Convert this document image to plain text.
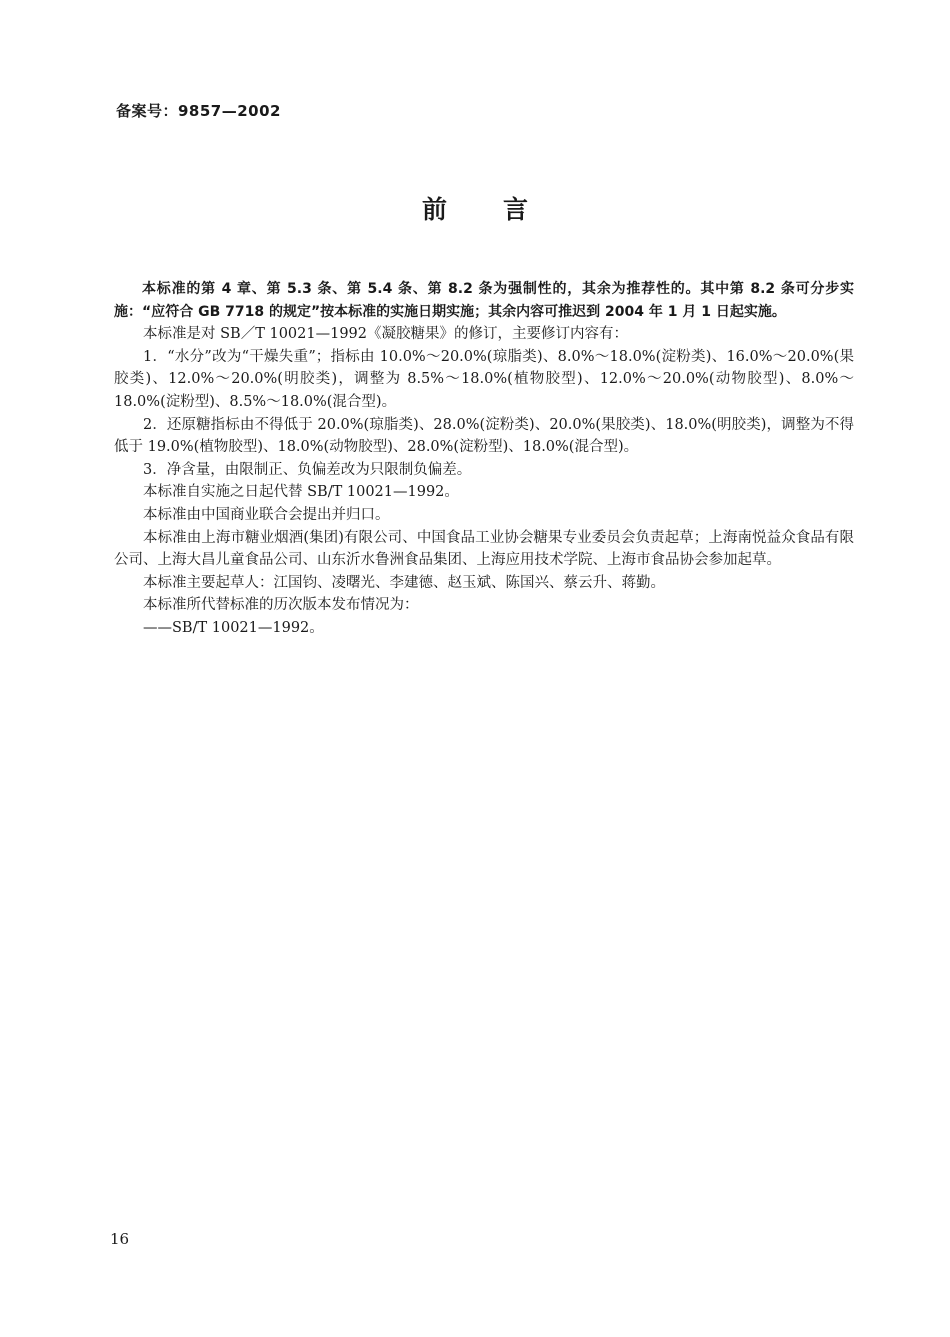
备案号：9857—2002
前言

本标准的第 4 章、第 5.3 条、第 5.4 条、第 8.2 条为强制性的，其余为推荐性的。其中第 8.2 条可分步实施：“应符合 GB 7718 的规定”按本标准的实施日期实施；其余内容可推迟到 2004 年 1 月 1 日起实施。

本标准是对 SB／T 10021—1992《凝胶糖果》的修订，主要修订内容有：

1．“水分”改为“干燥失重”；指标由 10.0%～20.0%(琼脂类)、8.0%～18.0%(淀粉类)、16.0%～20.0%(果胶类)、12.0%～20.0%(明胶类)，调整为 8.5%～18.0%(植物胶型)、12.0%～20.0%(动物胶型)、8.0%～18.0%(淀粉型)、8.5%～18.0%(混合型)。

2．还原糖指标由不得低于 20.0%(琼脂类)、28.0%(淀粉类)、20.0%(果胶类)、18.0%(明胶类)，调整为不得低于 19.0%(植物胶型)、18.0%(动物胶型)、28.0%(淀粉型)、18.0%(混合型)。

3．净含量，由限制正、负偏差改为只限制负偏差。

本标准自实施之日起代替 SB/T 10021—1992。

本标准由中国商业联合会提出并归口。

本标准由上海市糖业烟酒(集团)有限公司、中国食品工业协会糖果专业委员会负责起草；上海南悦益众食品有限公司、上海大昌儿童食品公司、山东沂水鲁洲食品集团、上海应用技术学院、上海市食品协会参加起草。

本标准主要起草人：江国钧、凌曙光、李建德、赵玉斌、陈国兴、蔡云升、蒋勤。

本标准所代替标准的历次版本发布情况为：

——SB/T 10021—1992。

16
